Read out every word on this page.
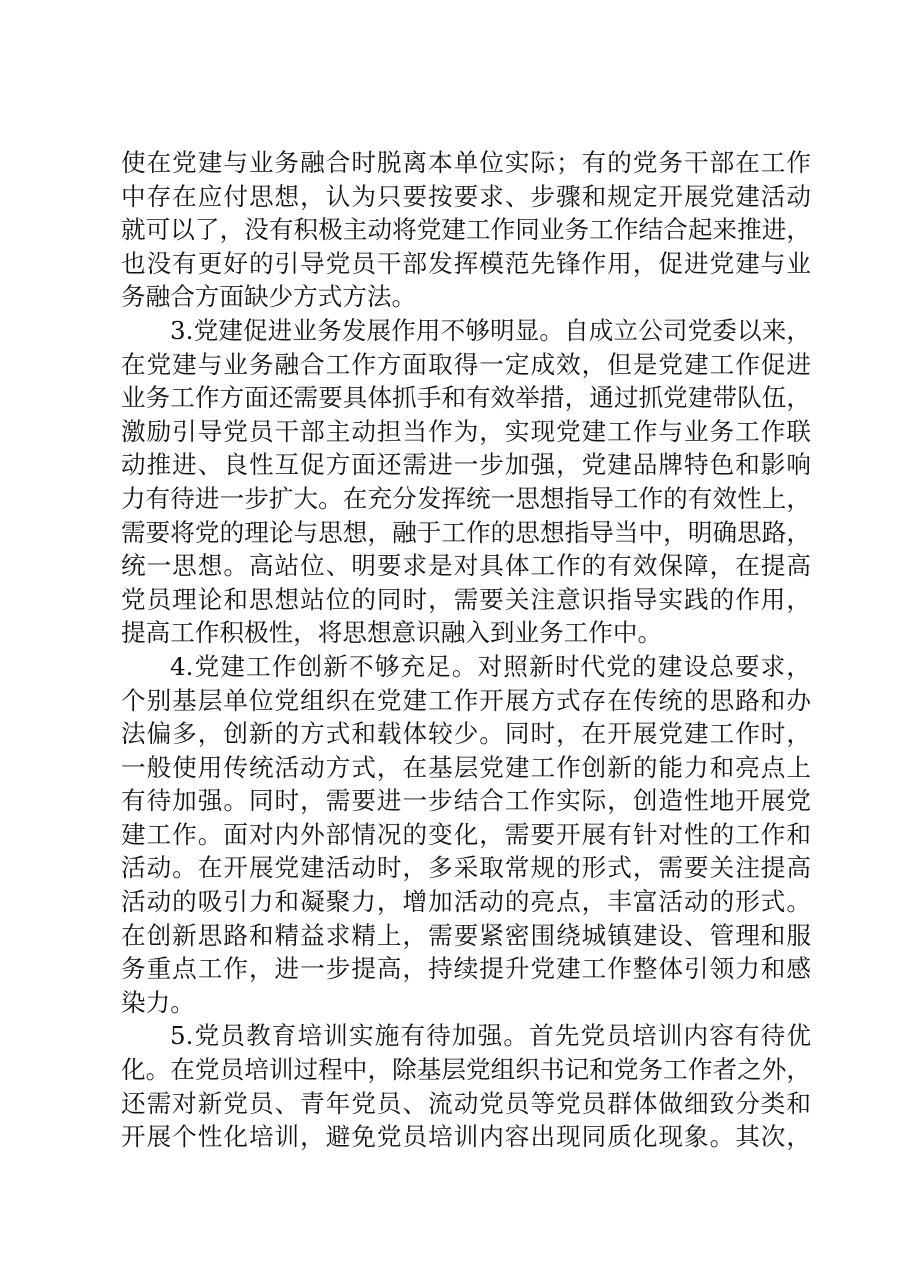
使在党建与业务融合时脱离本单位实际；有的党务干部在工作
中存在应付思想，认为只要按要求、步骤和规定开展党建活动
就可以了，没有积极主动将党建工作同业务工作结合起来推进，
也没有更好的引导党员干部发挥模范先锋作用，促进党建与业
务融合方面缺少方式方法。
3.党建促进业务发展作用不够明显。自成立公司党委以来，
在党建与业务融合工作方面取得一定成效，但是党建工作促进
业务工作方面还需要具体抓手和有效举措，通过抓党建带队伍，
激励引导党员干部主动担当作为，实现党建工作与业务工作联
动推进、良性互促方面还需进一步加强，党建品牌特色和影响
力有待进一步扩大。在充分发挥统一思想指导工作的有效性上，
需要将党的理论与思想，融于工作的思想指导当中，明确思路，
统一思想。高站位、明要求是对具体工作的有效保障，在提高
党员理论和思想站位的同时，需要关注意识指导实践的作用，
提高工作积极性，将思想意识融入到业务工作中。
4.党建工作创新不够充足。对照新时代党的建设总要求，
个别基层单位党组织在党建工作开展方式存在传统的思路和办
法偏多，创新的方式和载体较少。同时，在开展党建工作时，
一般使用传统活动方式，在基层党建工作创新的能力和亮点上
有待加强。同时，需要进一步结合工作实际，创造性地开展党
建工作。面对内外部情况的变化，需要开展有针对性的工作和
活动。在开展党建活动时，多采取常规的形式，需要关注提高
活动的吸引力和凝聚力，增加活动的亮点，丰富活动的形式。
在创新思路和精益求精上，需要紧密围绕城镇建设、管理和服
务重点工作，进一步提高，持续提升党建工作整体引领力和感
染力。
5.党员教育培训实施有待加强。首先党员培训内容有待优
化。在党员培训过程中，除基层党组织书记和党务工作者之外，
还需对新党员、青年党员、流动党员等党员群体做细致分类和
开展个性化培训，避免党员培训内容出现同质化现象。其次，
